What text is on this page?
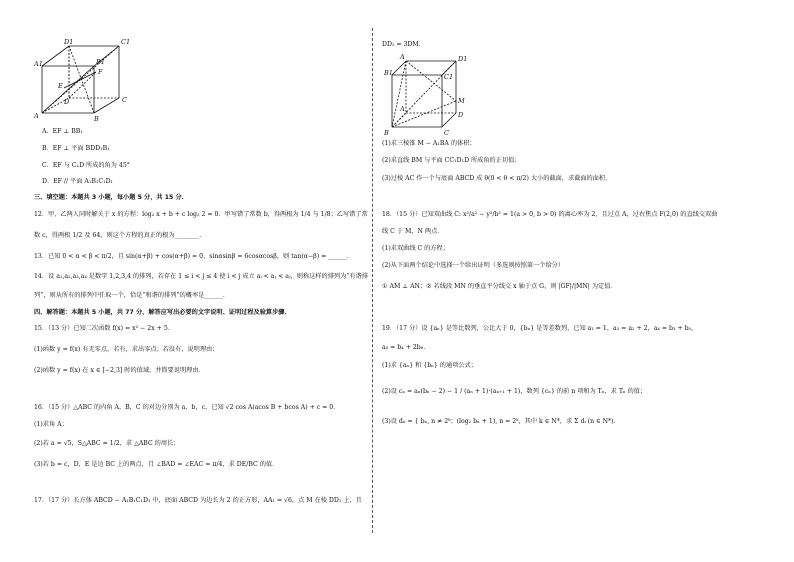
D1	C1
A1	B1
F
E
D
A	B
C
A．EF ⊥ BB₁
B．EF ⊥ 平面 BDD₁B₁
C．EF 与 C₁D 所成的角为 45°
D．EF // 平面 A₁B₁C₁D₁
三、填空题：本题共 3 小题，每小题 5 分，共 15 分．
12．甲、乙两人同时解关于 x 的方程：log₂ x + b + c log₂ 2 = 0．甲写错了常数 b，得两根为 1/4 与 1/8；乙写错了常
数 c，得两根 1/2 及 64，则这个方程的真正的根为________．
13．已知 0 < α < β < π/2，且 sin(α+β) + cos(α+β) = 0，sinαsinβ = 6cosαcosβ，则 tan(α−β) = ______．
14．设 a₁,a₂,a₃,a₄ 是数字 1,2,3,4 的排列，若存在 1 ≤ i < j ≤ 4 使 i < j 成立 aᵢ < aⱼ < aⱼ，则称这样的排列为“有谐排
列”，则从所有的排列中任取一个，恰是“和谐的排列”的概率是______．
四、解答题：本题共 5 小题，共 77 分，解答应写出必要的文字说明、证明过程及验算步骤．
15．（13 分）已知二次函数 f(x) = x² − 2x + 5．
(1)函数 y = f(x) 有无零点，若有，求出零点；若没有，说明理由；
(2)函数 y = f(x) 在 x ∈ [−2,3] 时的值域，并简要说明理由．
16．（15 分）△ABC 的内角 A，B，C 的对边分别为 a，b，c，已知 √2 cos A(acos B + bcos A) + c = 0．
(1)求角 A；
(2)若 a = √5，S△ABC = 1/2，求 △ABC 的周长；
(3)若 b = c，D，E 是边 BC 上的两点，且 ∠BAD = ∠EAC = π/4，求 DE/BC 的值．
17．（17 分）长方体 ABCD − A₁B₁C₁D₁ 中，底面 ABCD 为边长为 2 的正方形，AA₁ = √6，点 M 在棱 DD₁ 上，且
DD₁ = 3DM．
A	D1
C1
B1
M
D
A
C
B
(1)求三棱锥 M − A₁BA 的体积；
(2)求直线 BM 与平面 CC₁D₁D 所成角的正切值；
(3)过棱 AC 作一个与底面 ABCD 成 θ(0 < θ < π/2) 大小的截面，求截面的面积．
18．（15 分）已知双曲线 C: x²/a² − y²/b² = 1(a > 0, b > 0) 的离心率为 2，且过点 A，过右焦点 F(2,0) 的直线交双曲
线 C 于 M，N 两点．
(1)求双曲线 C 的方程；
(2)从下面两个结论中选择一个给出证明（多选则按照第一个给分）
① AM ⊥ AN；② 若线段 MN 的垂直平分线交 x 轴于点 G，则 |GF|/|MN| 为定值．
19．（17 分）设 {aₙ} 是等比数列，公比大于 0，{bₙ} 是等差数列，已知 a₁ = 1，a₃ = a₂ + 2，a₄ = b₃ + b₅，
a₅ = b₄ + 2b₆．
(1)求 {aₙ} 和 {bₙ} 的通项公式；
(2)设 cₙ = aₙ(bₙ − 2) − 1 / (aₙ + 1)·(aₙ₊₁ + 1)，数列 {cₙ} 的前 n 项和为 Tₙ，求 Tₙ 的值；
(3)设 dₙ = { bₙ, n ≠ 2ᵏ；(log₂ bₙ + 1), n = 2ᵏ，其中 k ∈ N*，求 Σ dᵢ (n ∈ N*)．
